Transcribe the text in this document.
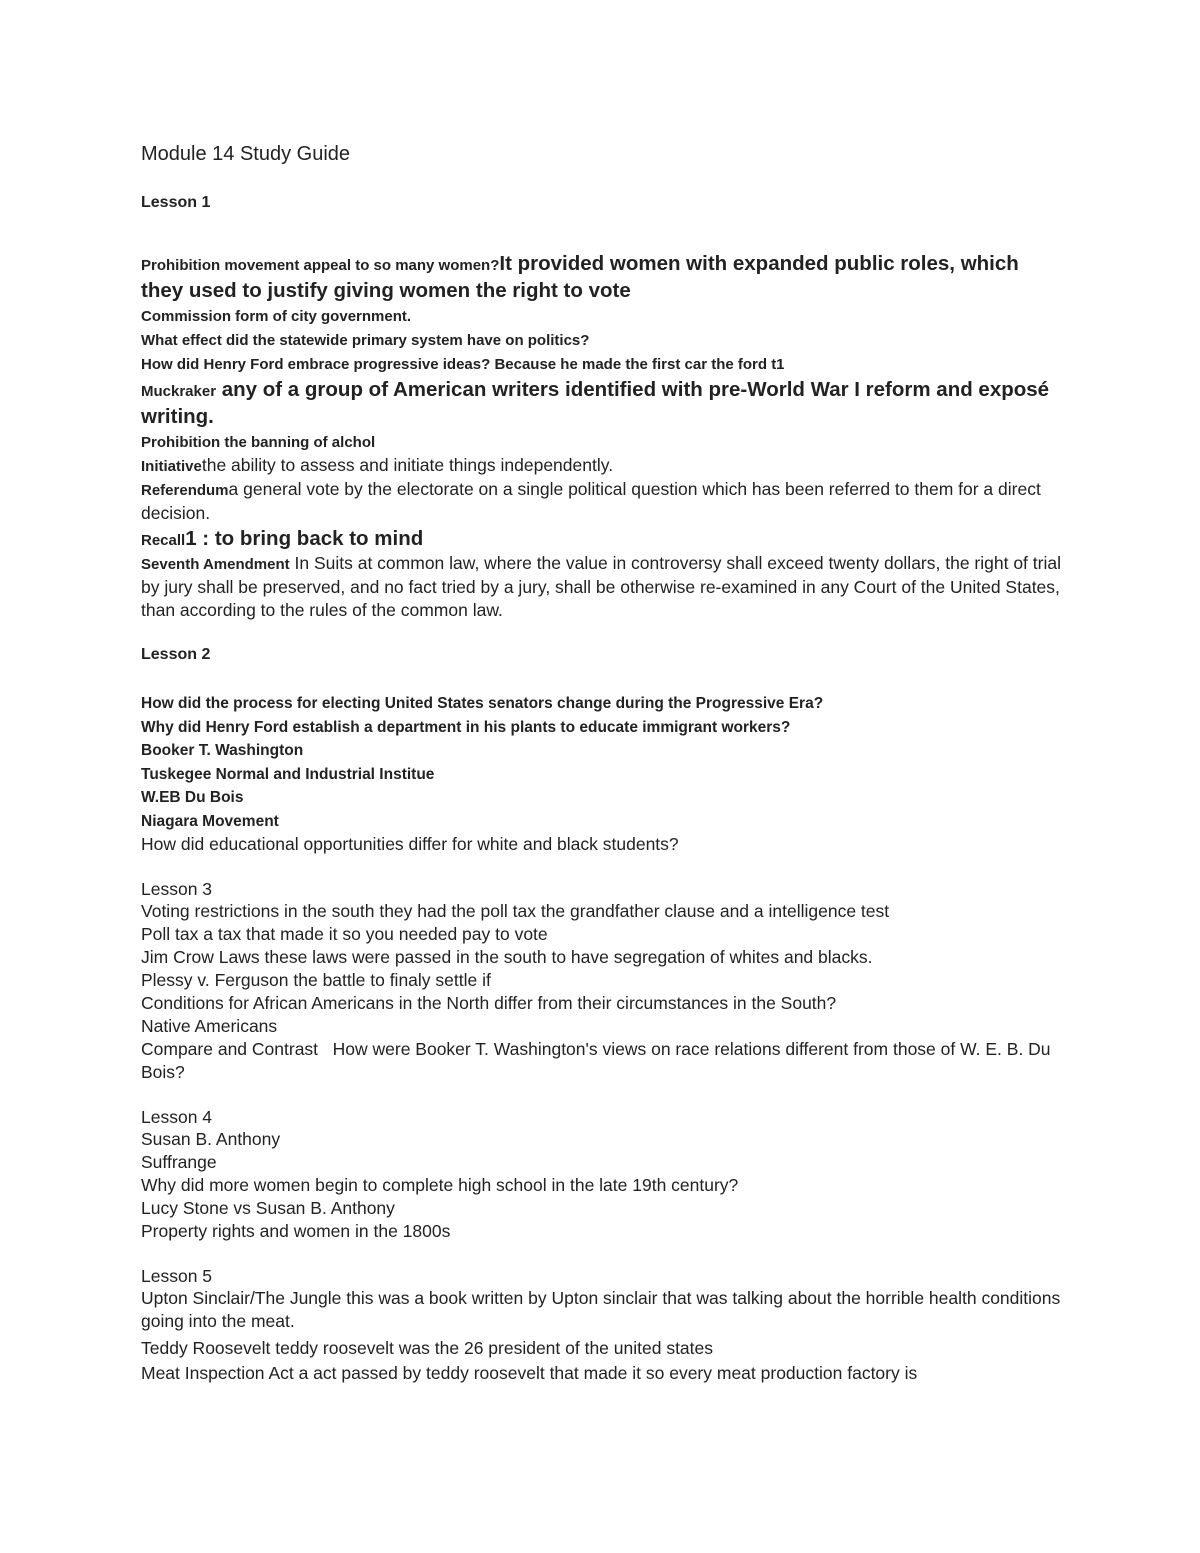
Module 14 Study Guide

Lesson 1

Prohibition movement appeal to so many women?It provided women with expanded public roles, which they used to justify giving women the right to vote

Commission form of city government.

What effect did the statewide primary system have on politics?

How did Henry Ford embrace progressive ideas? Because he made the first car the ford t1

Muckraker any of a group of American writers identified with pre-World War I reform and exposé writing.

Prohibition the banning of alchol

Initiativethe ability to assess and initiate things independently.

Referenduma general vote by the electorate on a single political question which has been referred to them for a direct decision.

Recall1 : to bring back to mind

Seventh Amendment In Suits at common law, where the value in controversy shall exceed twenty dollars, the right of trial by jury shall be preserved, and no fact tried by a jury, shall be otherwise re-examined in any Court of the United States, than according to the rules of the common law.

Lesson 2

How did the process for electing United States senators change during the Progressive Era?

Why did Henry Ford establish a department in his plants to educate immigrant workers?

Booker T. Washington

Tuskegee Normal and Industrial Institue

W.EB Du Bois

Niagara Movement

How did educational opportunities differ for white and black students?

Lesson 3

Voting restrictions in the south they had the poll tax the grandfather clause and a intelligence test

Poll tax a tax that made it so you needed pay to vote

Jim Crow Laws these laws were passed in the south to have segregation of whites and blacks.

Plessy v. Ferguson the battle to finaly settle if

Conditions for African Americans in the North differ from their circumstances in the South?

Native Americans

Compare and Contrast   How were Booker T. Washington's views on race relations different from those of W. E. B. Du Bois?

Lesson 4

Susan B. Anthony

Suffrange

Why did more women begin to complete high school in the late 19th century?

Lucy Stone vs Susan B. Anthony

Property rights and women in the 1800s

Lesson 5

Upton Sinclair/The Jungle this was a book written by Upton sinclair that was talking about the horrible health conditions going into the meat.

Teddy Roosevelt teddy roosevelt was the 26 president of the united states

Meat Inspection Act a act passed by teddy roosevelt that made it so every meat production factory is
